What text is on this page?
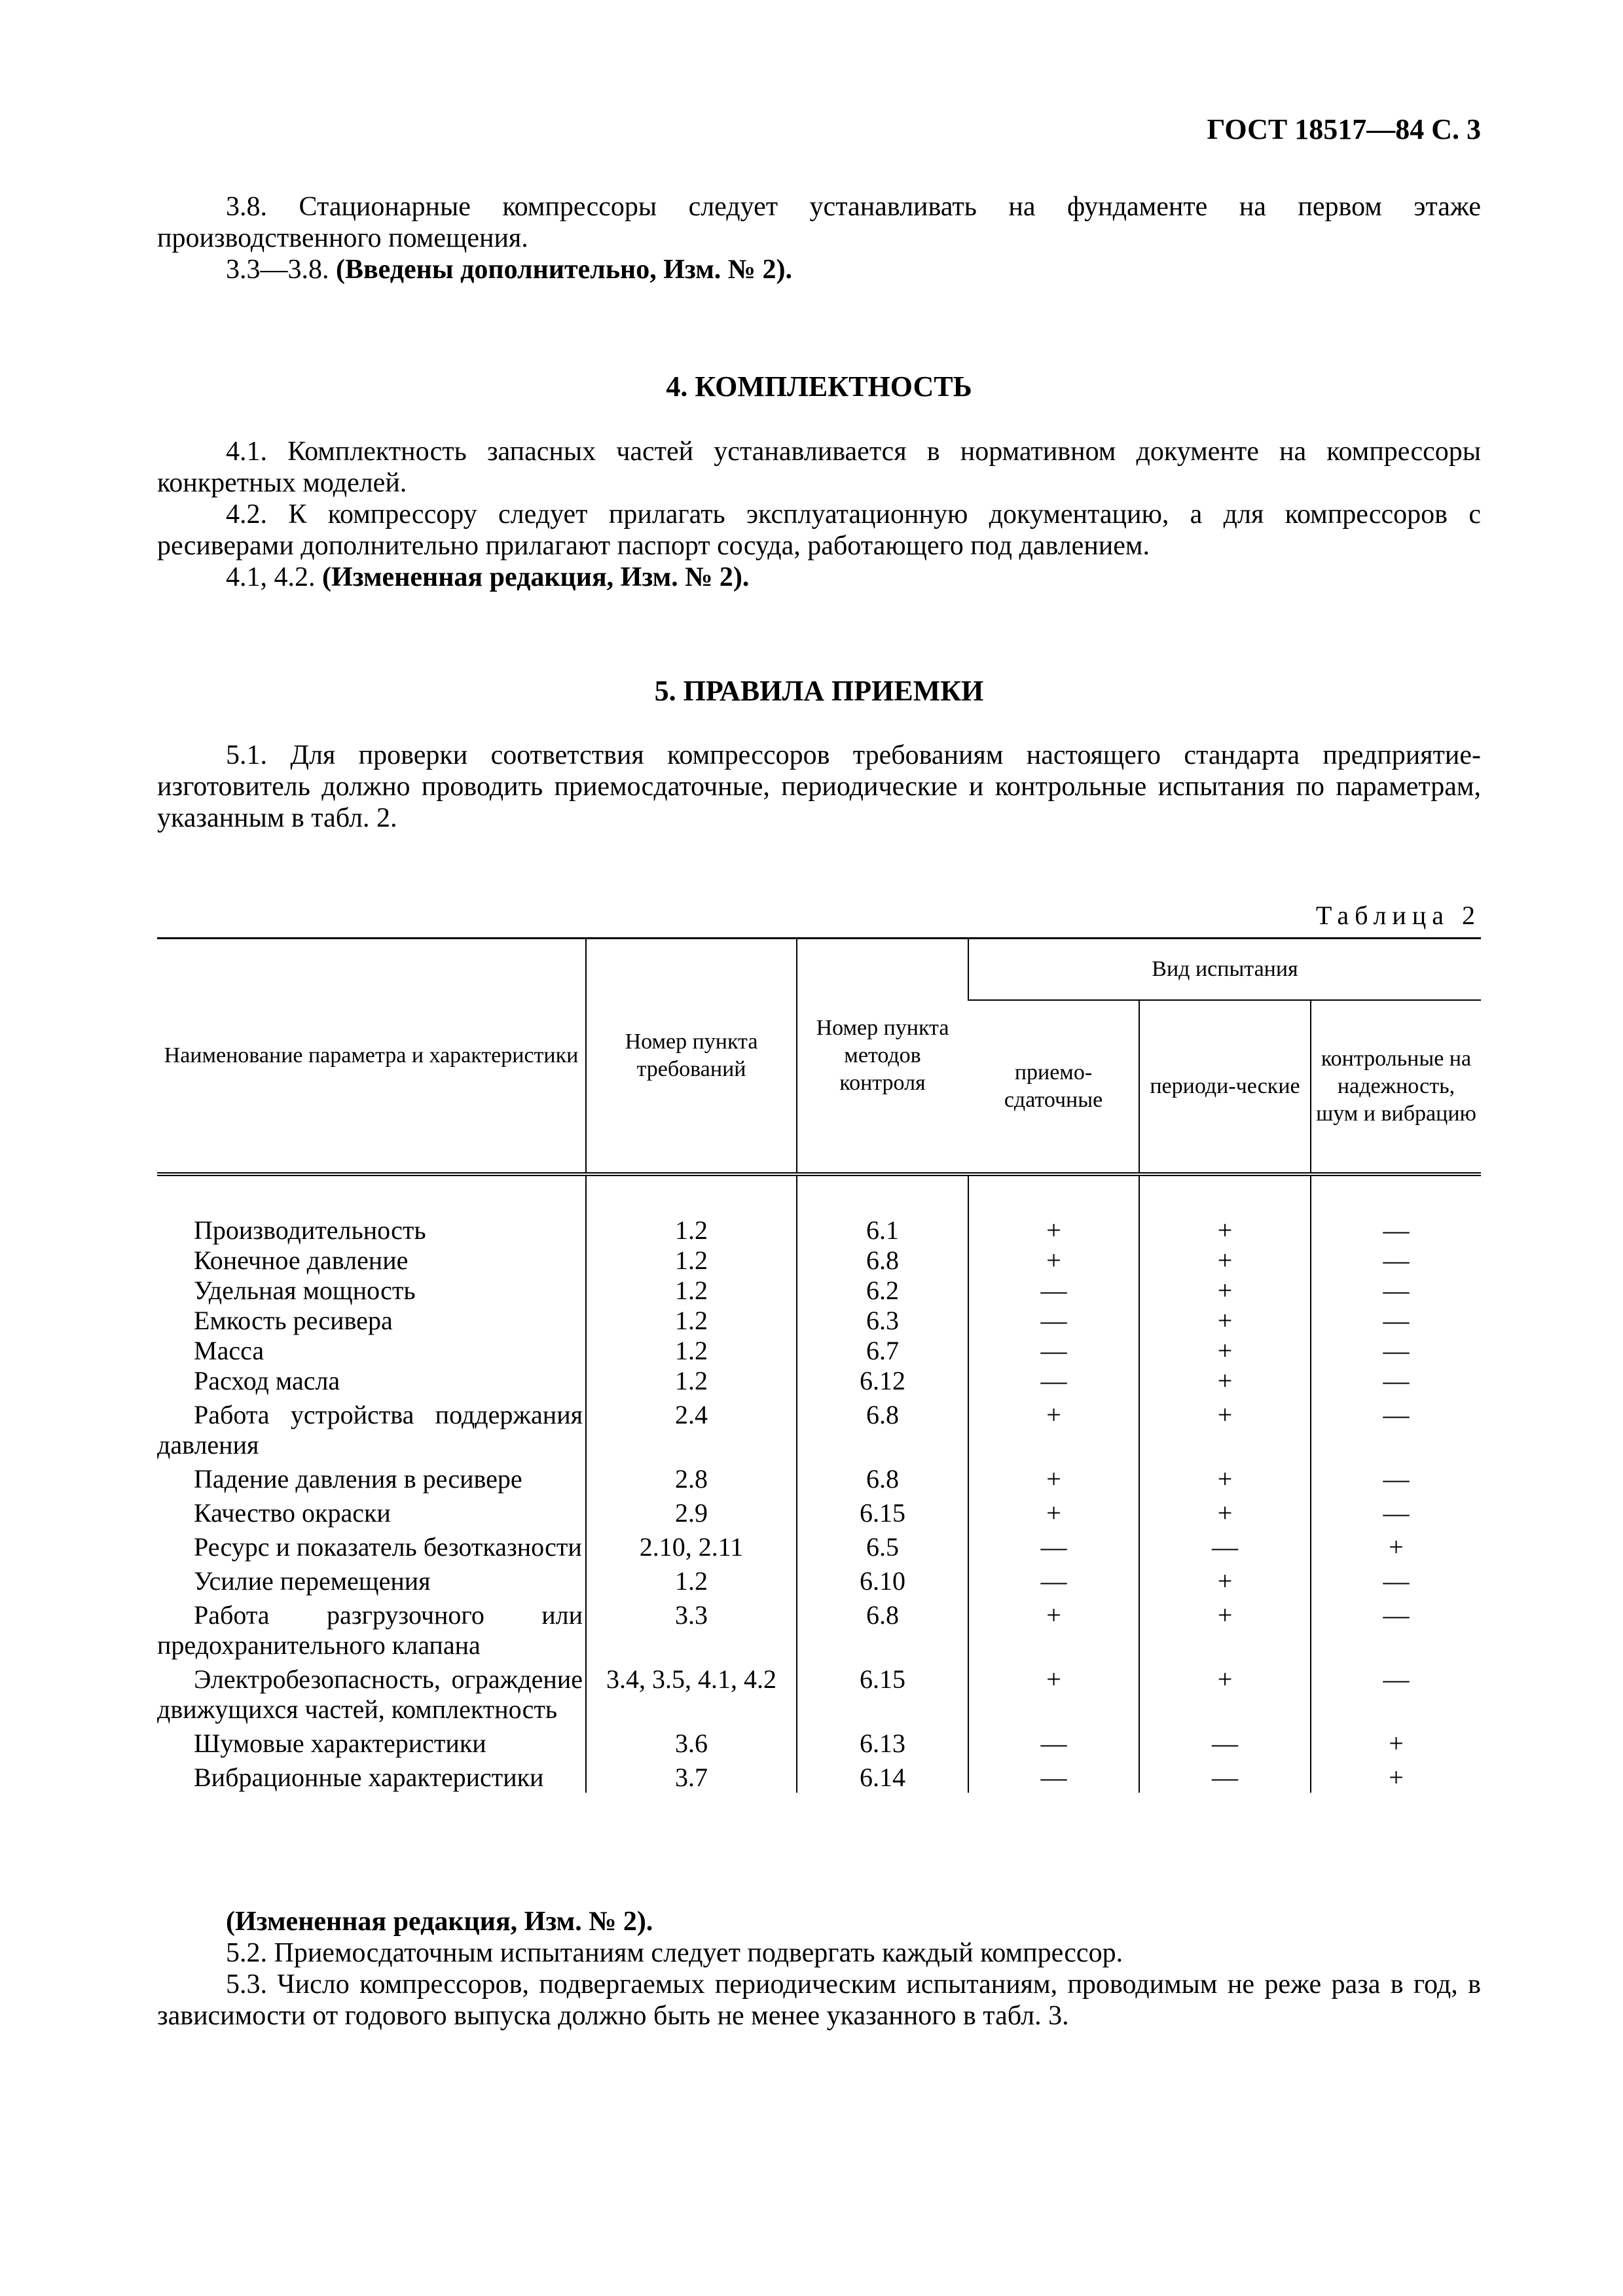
ГОСТ 18517—84 С. 3

3.8. Стационарные компрессоры следует устанавливать на фундаменте на первом этаже производственного помещения.

3.3—3.8. (Введены дополнительно, Изм. № 2).

4. КОМПЛЕКТНОСТЬ

4.1. Комплектность запасных частей устанавливается в нормативном документе на компрессоры конкретных моделей.

4.2. К компрессору следует прилагать эксплуатационную документацию, а для компрессоров с ресиверами дополнительно прилагают паспорт сосуда, работающего под давлением.

4.1, 4.2. (Измененная редакция, Изм. № 2).

5. ПРАВИЛА ПРИЕМКИ

5.1. Для проверки соответствия компрессоров требованиям настоящего стандарта предприятие-изготовитель должно проводить приемосдаточные, периодические и контрольные испытания по параметрам, указанным в табл. 2.

Таблица 2
Наименование параметра и характеристики	Номер пункта требований	Номер пункта методов контроля	Вид испытания		
			приемо-сдаточные	периоди-ческие	контрольные на надежность, шум и вибрацию

Производительность	1.2	6.1	+	+	—

Конечное давление	1.2	6.8	+	+	—

Удельная мощность	1.2	6.2	—	+	—

Емкость ресивера	1.2	6.3	—	+	—

Масса	1.2	6.7	—	+	—

Расход масла	1.2	6.12	—	+	—

Работа устройства поддержания давления	2.4	6.8	+	+	—

Падение давления в ресивере	2.8	6.8	+	+	—

Качество окраски	2.9	6.15	+	+	—

Ресурс и показатель безотказности	2.10, 2.11	6.5	—	—	+

Усилие перемещения	1.2	6.10	—	+	—

Работа разгрузочного или предохранительного клапана	3.3	6.8	+	+	—

Электробезопасность, ограждение движущихся частей, комплектность	3.4, 3.5, 4.1, 4.2	6.15	+	+	—

Шумовые характеристики	3.6	6.13	—	—	+

Вибрационные характеристики	3.7	6.14	—	—	+

(Измененная редакция, Изм. № 2).

5.2. Приемосдаточным испытаниям следует подвергать каждый компрессор.

5.3. Число компрессоров, подвергаемых периодическим испытаниям, проводимым не реже раза в год, в зависимости от годового выпуска должно быть не менее указанного в табл. 3.
